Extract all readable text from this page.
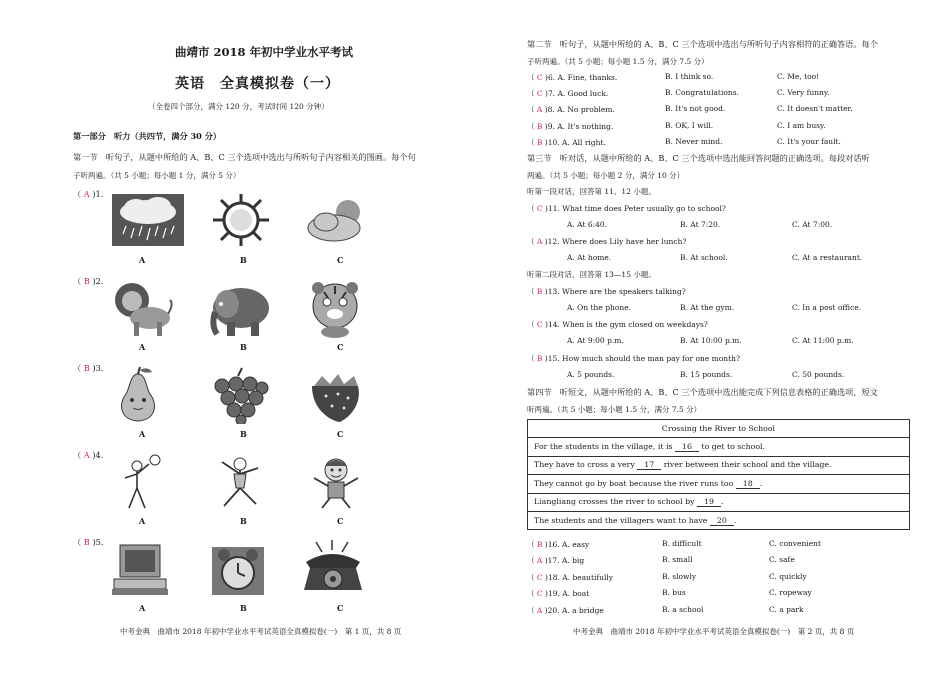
曲靖市 2018 年初中学业水平考试
英语　全真模拟卷（一）
（全卷四个部分，满分 120 分，考试时间 120 分钟）
第一部分　听力（共四节，满分 30 分）
第一节　听句子，从题中所给的 A、B、C 三个选项中选出与所听句子内容相关的图画。每个句
子听两遍。（共 5 小题；每小题 1 分，满分 5 分）
（ A )1.
（ B )2.
（ B )3.
（ A )4.
（ B )5.
A	B	C
A	B	C
A	B	C
A	B	C
A	B	C
中考金典　曲靖市 2018 年初中学业水平考试英语全真模拟卷(一)　第 1 页，共 8 页
第二节　听句子，从题中所给的 A、B、C 三个选项中选出与所听句子内容相符的正确答语。每个
子听两遍。（共 5 小题；每小题 1.5 分，满分 7.5 分）
（ C )6. A. Fine, thanks.	B. I think so.	C. Me, too!
（ C )7. A. Good luck.	B. Congratulations.	C. Very funny.
（ A )8. A. No problem.	B. It's not good.	C. It doesn't matter.
（ B )9. A. It's nothing.	B. OK, I will.	C. I am busy.
（ B )10. A. All right.	B. Never mind.	C. It's your fault.
第三节　听对话，从题中所给的 A、B、C 三个选项中选出能回答问题的正确选项。每段对话听
两遍。（共 5 小题；每小题 2 分，满分 10 分）
听第一段对话，回答第 11、12 小题。
（ C )11. What time does Peter usually go to school?
A. At 6:40.	B. At 7:20.	C. At 7:00.
（ A )12. Where does Lily have her lunch?
A. At home.	B. At school.	C. At a restaurant.
听第二段对话，回答第 13—15 小题。
（ B )13. Where are the speakers talking?
A. On the phone.	B. At the gym.	C. In a post office.
（ C )14. When is the gym closed on weekdays?
A. At 9:00 p.m.	B. At 10:00 p.m.	C. At 11:00 p.m.
（ B )15. How much should the man pay for one month?
A. 5 pounds.	B. 15 pounds.	C. 50 pounds.
第四节　听短文，从题中所给的 A、B、C 三个选项中选出能完成下列信息表格的正确选项，短文
听两遍。（共 5 小题；每小题 1.5 分，满分 7.5 分）
Crossing the River to School
For the students in the village, it is 16 to get to school.
They have to cross a very 17 river between their school and the village.
They cannot go by boat because the river runs too 18 .
Liangliang crosses the river to school by 19 .
The students and the villagers want to have 20 .
（ B )16. A. easy	B. difficult	C. convenient
（ A )17. A. big	B. small	C. safe
（ C )18. A. beautifully	B. slowly	C. quickly
（ C )19. A. boat	B. bus	C. ropeway
（ A )20. A. a bridge	B. a school	C. a park
中考金典　曲靖市 2018 年初中学业水平考试英语全真模拟卷(一)　第 2 页，共 8 页
